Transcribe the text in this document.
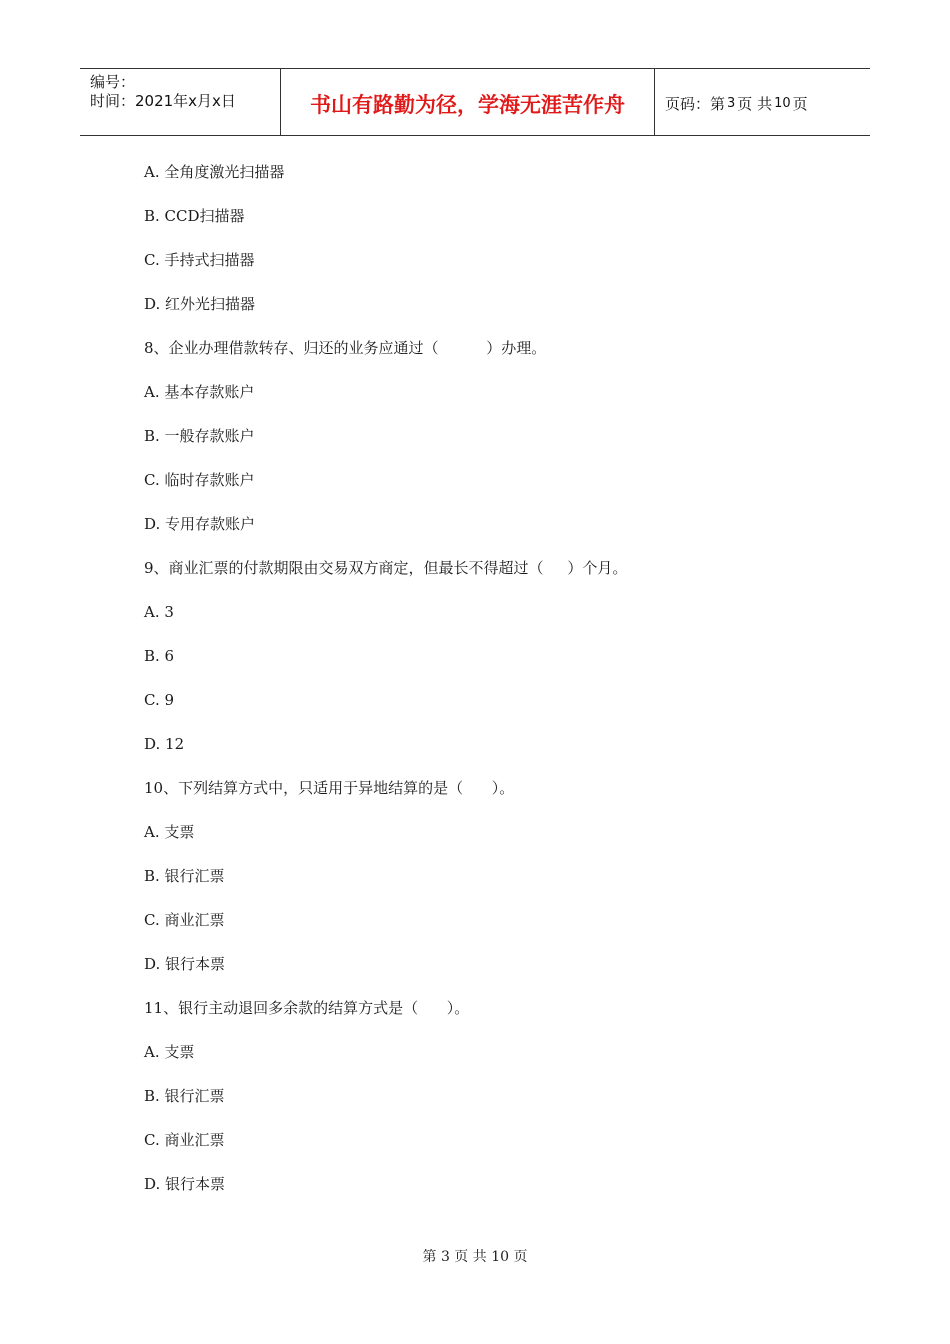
编号：
时间：2021年x月x日	书山有路勤为径，学海无涯苦作舟	页码：第 3 页 共 10 页
A. 全角度激光扫描器
B. CCD扫描器
C. 手持式扫描器
D. 红外光扫描器
8、企业办理借款转存、归还的业务应通过（          ）办理。
A. 基本存款账户
B. 一般存款账户
C. 临时存款账户
D. 专用存款账户
9、商业汇票的付款期限由交易双方商定，但最长不得超过（     ）个月。
A. 3
B. 6
C. 9
D. 12
10、下列结算方式中，只适用于异地结算的是（      ）。
A. 支票
B. 银行汇票
C. 商业汇票
D. 银行本票
11、银行主动退回多余款的结算方式是（      ）。
A. 支票
B. 银行汇票
C. 商业汇票
D. 银行本票
第 3 页 共 10 页
